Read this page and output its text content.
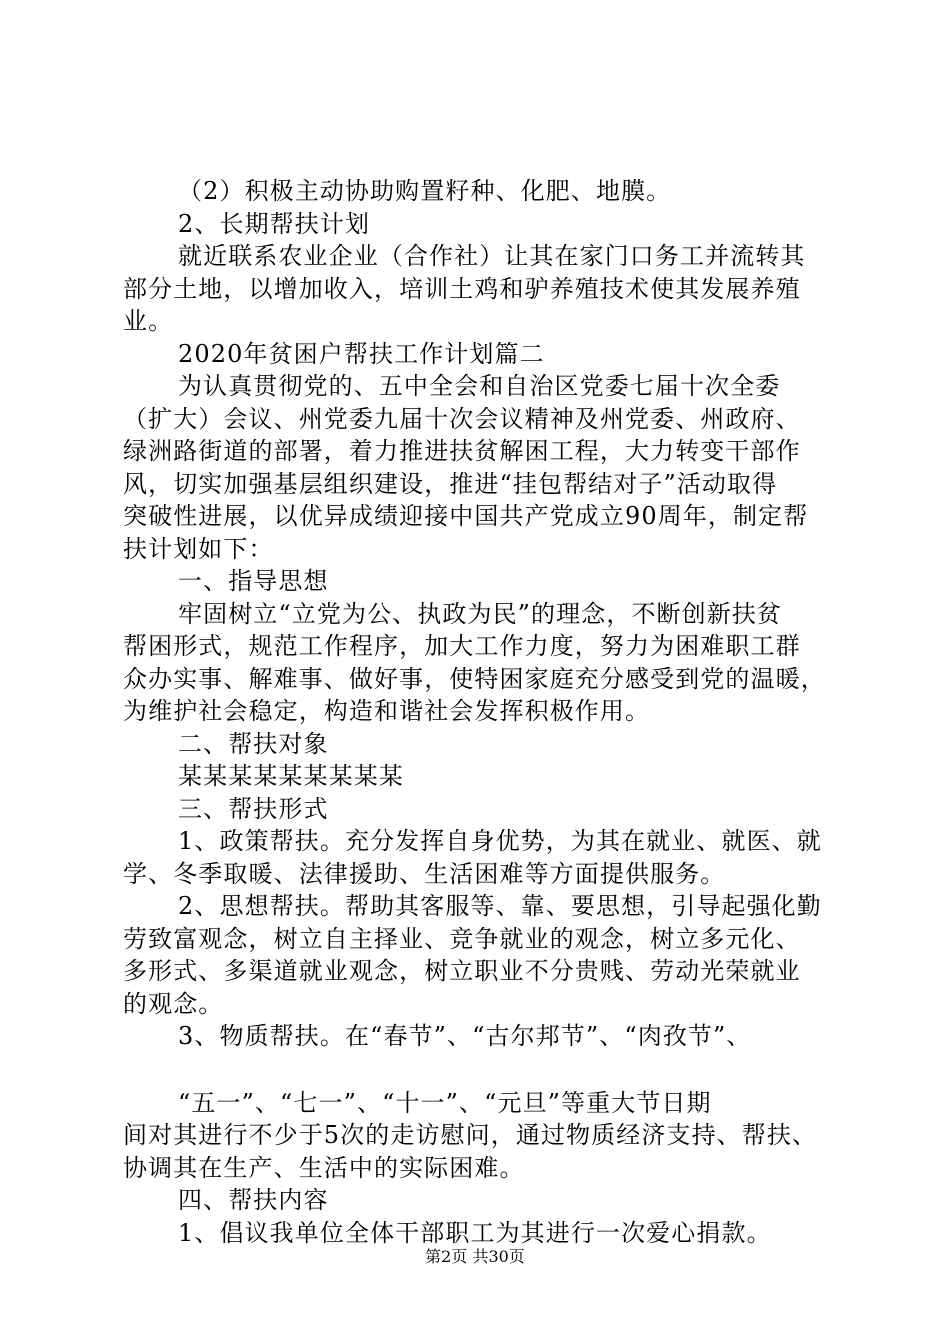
（2）积极主动协助购置籽种、化肥、地膜。

2、长期帮扶计划

就近联系农业企业（合作社）让其在家门口务工并流转其

部分土地，以增加收入，培训土鸡和驴养殖技术使其发展养殖

业。

2020年贫困户帮扶工作计划篇二

为认真贯彻党的、五中全会和自治区党委七届十次全委

（扩大）会议、州党委九届十次会议精神及州党委、州政府、

绿洲路街道的部署，着力推进扶贫解困工程，大力转变干部作

风，切实加强基层组织建设，推进“挂包帮结对子”活动取得

突破性进展，以优异成绩迎接中国共产党成立90周年，制定帮

扶计划如下：

一、指导思想

牢固树立“立党为公、执政为民”的理念，不断创新扶贫

帮困形式，规范工作程序，加大工作力度，努力为困难职工群

众办实事、解难事、做好事，使特困家庭充分感受到党的温暖，

为维护社会稳定，构造和谐社会发挥积极作用。

二、帮扶对象

某某某某某某某某某

三、帮扶形式

1、政策帮扶。充分发挥自身优势，为其在就业、就医、就

学、冬季取暖、法律援助、生活困难等方面提供服务。

2、思想帮扶。帮助其客服等、靠、要思想，引导起强化勤

劳致富观念，树立自主择业、竞争就业的观念，树立多元化、

多形式、多渠道就业观念，树立职业不分贵贱、劳动光荣就业

的观念。

3、物质帮扶。在“春节”、“古尔邦节”、“肉孜节”、

“五一”、“七一”、“十一”、“元旦”等重大节日期

间对其进行不少于5次的走访慰问，通过物质经济支持、帮扶、

协调其在生产、生活中的实际困难。

四、帮扶内容

1、倡议我单位全体干部职工为其进行一次爱心捐款。

第2页 共30页
